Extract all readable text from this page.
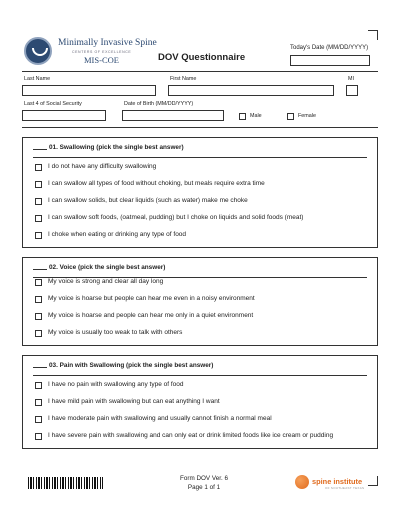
Minimally Invasive Spine
CENTERS OF EXCELLENCE
MIS-COE	DOV Questionnaire
Today's Date (MM/DD/YYYY)
Last Name	First Name	MI
Last 4 of Social Security	Date of Birth (MM/DD/YYYY)
Male	Female
01. Swallowing (pick the single best answer)
I do not have any difficulty swallowing
I can swallow all types of food without choking, but meals require extra time
I can swallow solids, but clear liquids (such as water) make me choke
I can swallow soft foods, (oatmeal, pudding) but I choke on liquids and solid foods (meat)
I choke when eating or drinking any type of food
02. Voice (pick the single best answer)
My voice is strong and clear all day long
My voice is hoarse but people can hear me even in a noisy environment
My voice is hoarse and people can hear me only in a quiet environment
My voice is usually too weak to talk with others
03. Pain with Swallowing (pick the single best answer)
I have no pain with swallowing any type of food
I have mild pain with swallowing but can eat anything I want
I have moderate pain with swallowing and usually cannot finish a normal meal
I have severe pain with swallowing and can only eat or drink limited foods like ice cream or pudding
Form DOV Ver. 6
Page 1 of 1
spine institute
OF SOUTHEAST TEXAS
